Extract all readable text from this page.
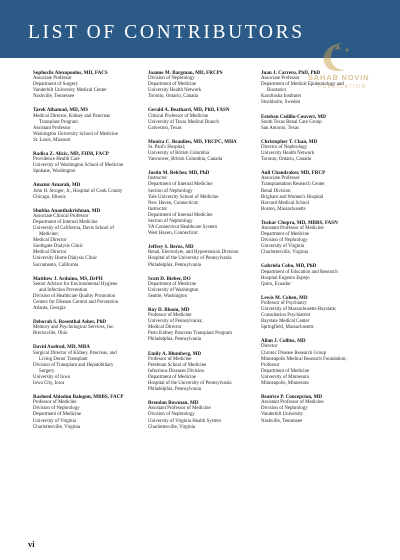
LIST OF CONTRIBUTORS
SAHAB NOVIN
PUBLICATION
Sophoclis Alexopoulos, MD, FACS
Associate Professor
Department of Surgery
Vanderbilt University Medical Center
Nashville, Tennessee
Tarek Alhamad, MD, MS
Medical Director, Kidney and Pancreas
Transplant Program
Assistant Professor
Washington University School of Medicine
St. Louis, Missouri
Radica Z. Alicic, MD, FHM, FACP
Providence Health Care
University of Washington School of Medicine
Spokane, Washington
Amatur Amarah, MD
John H. Stroger, Jr., Hospital of Cook County
Chicago, Illinois
Shubha Ananthakrishnan, MD
Associate Clinical Professor
Department of Internal Medicine
University of California, Davis School of
Medicine;
Medical Director
Southgate Dialysis Clinic
Medical Director
University Home Dialysis Clinic
Sacramento, California
Matthew J. Arduino, MS, DrPH
Senior Advisor for Environmental Hygiene
and Infection Prevention
Division of Healthcare Quality Promotion
Centers for Disease Control and Prevention
Atlanta, Georgia
Deborah S. Rosenthal Asher, PhD
Memory and Psychological Services, Inc.
Brecksville, Ohio
David Axelrod, MD, MBA
Surgical Director of Kidney, Pancreas, and
Living Donor Transplant
Division of Transplant and Hepatobiliary
Surgery
University of Iowa
Iowa City, Iowa
Rasheed Abiodun Balogun, MBBS, FACP
Professor of Medicine
Division of Nephrology
Department of Medicine
University of Virginia
Charlottesville, Virginia
Joanne M. Bargman, MD, FRCPS
Division of Nephrology
Department of Medicine
University Health Network
Toronto, Ontario, Canada
Gerald A. Beathard, MD, PhD, FASN
Clinical Professor of Medicine
University of Texas Medical Branch
Galveston, Texas
Monica C. Beaulieu, MD, FRCPC, MHA
St. Paul's Hospital;
University of British Columbia
Vancouver, British Columbia, Canada
Justin M. Belcher, MD, PhD
Instructor
Department of Internal Medicine
Section of Nephrology
Yale University School of Medicine
New Haven, Connecticut;
Instructor
Department of Internal Medicine
Section of Nephrology
VA Connecticut Healthcare System
West Haven, Connecticut
Jeffrey S. Berns, MD
Renal, Electrolyte, and Hypertension Division
Hospital of the University of Pennsylvania
Philadelphia, Pennsylvania
Scott D. Bieber, DO
Department of Medicine
University of Washington
Seattle, Washington
Roy D. Bloom, MD
Professor of Medicine
University of Pennsylvania;
Medical Director
Penn Kidney Pancreas Transplant Program
Philadelphia, Pennsylvania
Emily A. Blumberg, MD
Professor of Medicine
Perelman School of Medicine
Infectious Diseases Division
Department of Medicine
Hospital of the University of Pennsylvania
Philadelphia, Pennsylvania
Brendan Bowman, MD
Assistant Professor of Medicine
Division of Nephrology
University of Virginia Health System
Charlottesville, Virginia
Juan J. Carrero, PhD, PhD
Associate Professor
Department of Medical Epidemiology and
Biostatics
Karolinska Institutet
Stockholm, Sweden
Esteban Cedillo-Couvert, MD
South Texas Renal Care Group
San Antonio, Texas
Christopher T. Chan, MD
Director of Nephrology
University Health Network
Toronto, Ontario, Canada
Anil Chandraker, MD, FRCP
Associate Professor
Transplantation Research Center
Renal Division
Brigham and Women's Hospital
Harvard Medical School
Boston, Massachusetts
Tushar Chopra, MD, MBBS, FASN
Assistant Professor of Medicine
Department of Medicine
Division of Nephrology
University of Virginia
Charlottesville, Virginia
Gabriela Cobo, MD, PhD
Department of Education and Research
Hospital Eugenio Espejo
Quito, Ecuador
Lewis M. Cohen, MD
Professor of Psychiatry
University of Massachusetts-Baystate;
Consultation Psychiatrist
Baystate Medical Center
Springfield, Massachusetts
Allan J. Collins, MD
Director
Chronic Disease Research Group
Minneapolis Medical Research Foundation;
Professor
Department of Medicine
University of Minnesota
Minneapolis, Minnesota
Beatrice P. Concepcion, MD
Assistant Professor of Medicine
Division of Nephrology
Vanderbilt University
Nashville, Tennessee
vi
